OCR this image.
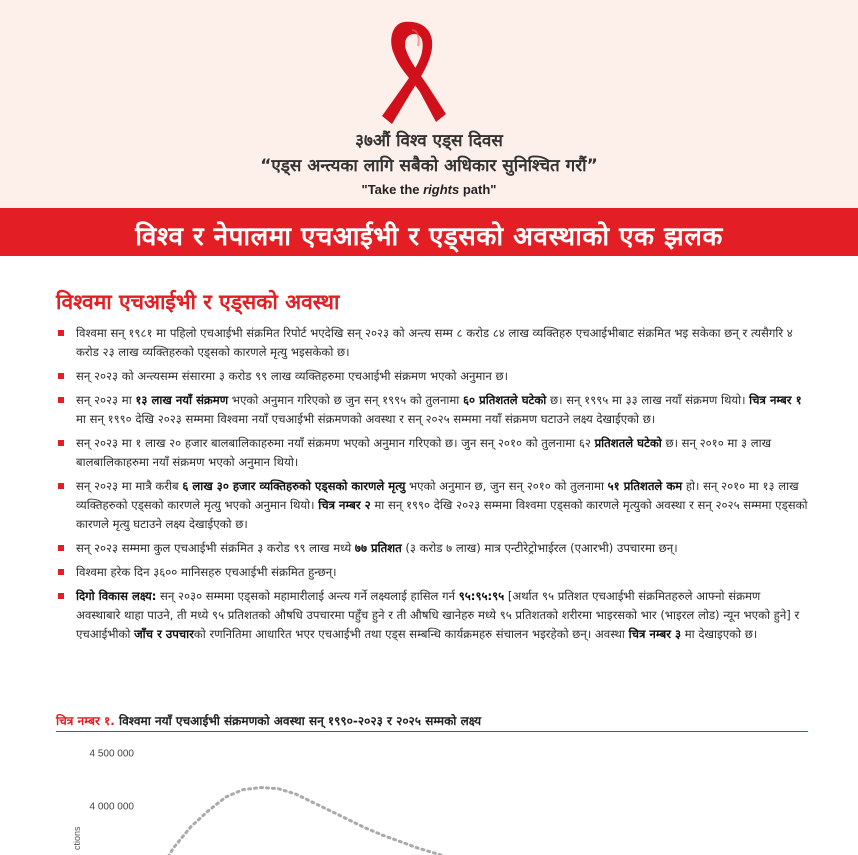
३७औं विश्व एड्स दिवस
“एड्स अन्त्यका लागि सबैको अधिकार सुनिश्चित गरौं”
"Take the rights path"
विश्व र नेपालमा एचआईभी र एड्सको अवस्थाको एक झलक
विश्वमा एचआईभी र एड्सको अवस्था
विश्वमा सन् १९८१ मा पहिलो एचआईभी संक्रमित रिपोर्ट भएदेखि सन् २०२३ को अन्त्य सम्म ८ करोड ८४ लाख व्यक्तिहरु एचआईभीबाट संक्रमित भइ सकेका छन् र त्यसैगरि ४ करोड २३ लाख व्यक्तिहरुको एड्सको कारणले मृत्यु भइसकेको छ।
सन् २०२३ को अन्त्यसम्म संसारमा ३ करोड ९९ लाख व्यक्तिहरुमा एचआईभी संक्रमण भएको अनुमान छ।
सन् २०२३ मा १३ लाख नयाँ संक्रमण भएको अनुमान गरिएको छ जुन सन् १९९५ को तुलनामा ६० प्रतिशतले घटेको छ। सन् १९९५ मा ३३ लाख नयाँ संक्रमण थियो। चित्र नम्बर १ मा सन् १९९० देखि २०२३ सम्ममा विश्वमा नयाँ एचआईभी संक्रमणको अवस्था र सन् २०२५ सम्ममा नयाँ संक्रमण घटाउने लक्ष्य देखाईएको छ।
सन् २०२३ मा १ लाख २० हजार बालबालिकाहरुमा नयाँ संक्रमण भएको अनुमान गरिएको छ। जुन सन् २०१० को तुलनामा ६२ प्रतिशतले घटेको छ। सन् २०१० मा ३ लाख बालबालिकाहरुमा नयाँ संक्रमण भएको अनुमान थियो।
सन् २०२३ मा मात्रै करीब ६ लाख ३० हजार व्यक्तिहरुको एड्सको कारणले मृत्यु भएको अनुमान छ, जुन सन् २०१० को तुलनामा ५१ प्रतिशतले कम हो। सन् २०१० मा १३ लाख व्यक्तिहरुको एड्सको कारणले मृत्यु भएको अनुमान थियो। चित्र नम्बर २ मा सन् १९९० देखि २०२३ सम्ममा विश्वमा एड्सको कारणले मृत्युको अवस्था र सन् २०२५ सम्ममा एड्सको कारणले मृत्यु घटाउने लक्ष्य देखाईएको छ।
सन् २०२३ सम्ममा कुल एचआईभी संक्रमित ३ करोड ९९ लाख मध्ये ७७ प्रतिशत (३ करोड ७ लाख) मात्र एन्टीरेट्रोभाईरल (एआरभी) उपचारमा छन्।
विश्वमा हरेक दिन ३६०० मानिसहरु एचआईभी संक्रमित हुन्छन्।
दिगो विकास लक्ष्य: सन् २०३० सम्ममा एड्सको महामारीलाई अन्त्य गर्ने लक्ष्यलाई हासिल गर्न ९५:९५:९५ [अर्थात ९५ प्रतिशत एचआईभी संक्रमितहरुले आफ्नो संक्रमण अवस्थाबारे थाहा पाउने, ती मध्ये ९५ प्रतिशतको औषधि उपचारमा पहुँच हुने र ती औषधि खानेहरु मध्ये ९५ प्रतिशतको शरीरमा भाइरसको भार (भाइरल लोड) न्यून भएको हुने] र एचआईभीको जाँच र उपचारको रणनितिमा आधारित भएर एचआईभी तथा एड्स सम्बन्धि कार्यक्रमहरु संचालन भइरहेको छन्। अवस्था चित्र नम्बर ३ मा देखाइएको छ।
चित्र नम्बर १. विश्वमा नयाँ एचआईभी संक्रमणको अवस्था सन् १९९०-२०२३ र २०२५ सम्मको लक्ष्य
4 500 000
4 000 000
ctions
